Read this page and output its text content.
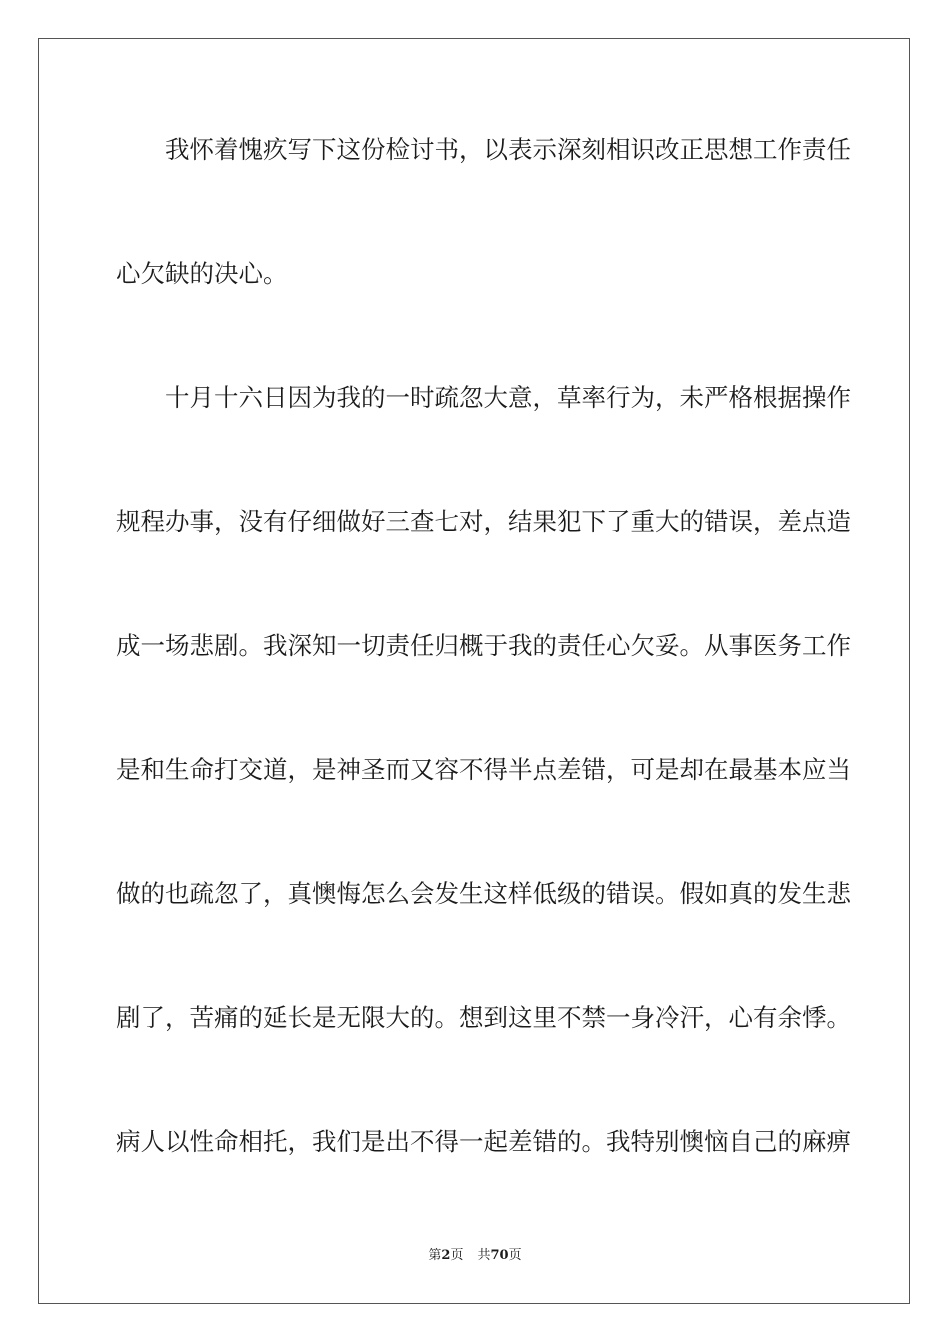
我怀着愧疚写下这份检讨书，以表示深刻相识改正思想工作责任
心欠缺的决心。
十月十六日因为我的一时疏忽大意，草率行为，未严格根据操作
规程办事，没有仔细做好三查七对，结果犯下了重大的错误，差点造
成一场悲剧。我深知一切责任归概于我的责任心欠妥。从事医务工作
是和生命打交道，是神圣而又容不得半点差错，可是却在最基本应当
做的也疏忽了，真懊悔怎么会发生这样低级的错误。假如真的发生悲
剧了，苦痛的延长是无限大的。想到这里不禁一身冷汗，心有余悸。
病人以性命相托，我们是出不得一起差错的。我特别懊恼自己的麻痹
第2页 共70页
